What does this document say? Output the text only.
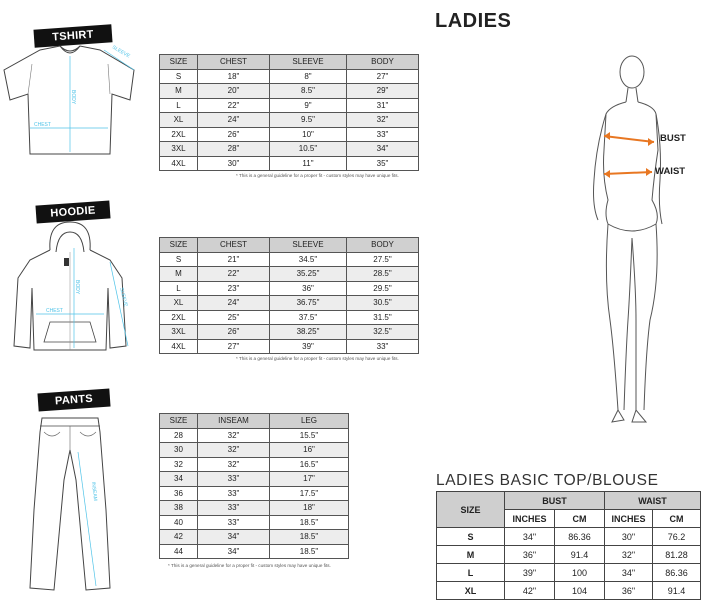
TSHIRT
SLEEVE
BODY
CHEST
SIZE	CHEST	SLEEVE	BODY
S	18"	8"	27"
M	20"	8.5"	29"
L	22"	9"	31"
XL	24"	9.5"	32"
2XL	26"	10"	33"
3XL	28"	10.5"	34"
4XL	30"	11"	35"
* This is a general guideline for a proper fit - custom styles may have unique fits.
HOODIE
SLEEVE
BODY
CHEST
SIZE	CHEST	SLEEVE	BODY
S	21"	34.5"	27.5"
M	22"	35.25"	28.5"
L	23"	36"	29.5"
XL	24"	36.75"	30.5"
2XL	25"	37.5"	31.5"
3XL	26"	38.25"	32.5"
4XL	27"	39"	33"
* This is a general guideline for a proper fit - custom styles may have unique fits.
PANTS
INSEAM
SIZE	INSEAM	LEG
28	32"	15.5"
30	32"	16"
32	32"	16.5"
34	33"	17"
36	33"	17.5"
38	33"	18"
40	33"	18.5"
42	34"	18.5"
44	34"	18.5"
* This is a general guideline for a proper fit - custom styles may have unique fits.
LADIES
BUST
WAIST
LADIES BASIC TOP/BLOUSE
SIZE	BUST		WAIST	
	INCHES	CM	INCHES	CM
S	34"	86.36	30"	76.2
M	36"	91.4	32"	81.28
L	39"	100	34"	86.36
XL	42"	104	36"	91.4
